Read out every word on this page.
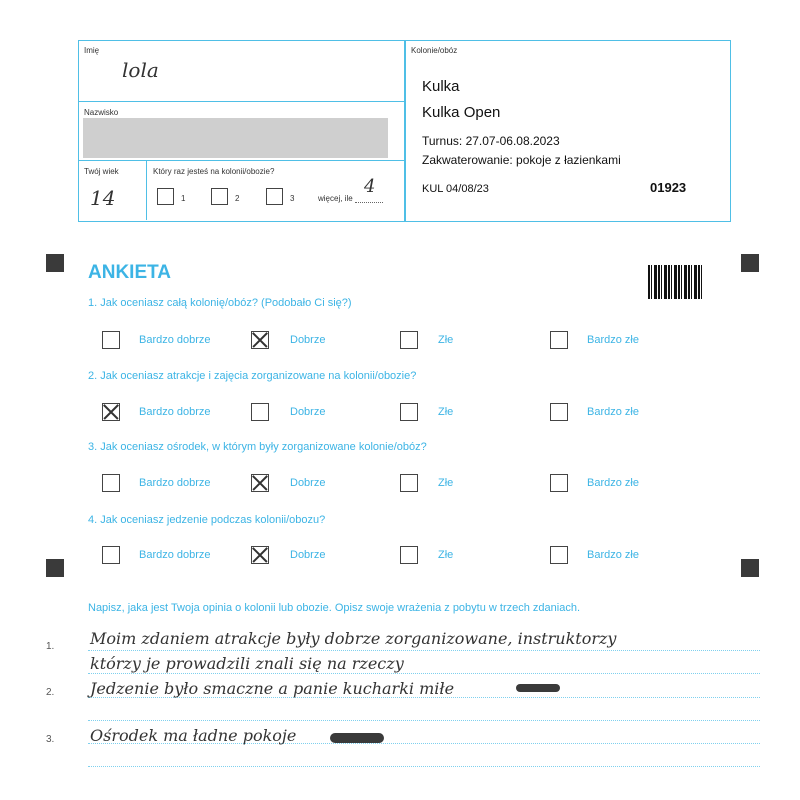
Imię
lola
Nazwisko
Twój wiek
14
Który raz jesteś na kolonii/obozie?
1	2	3	więcej, ile
4
Kolonie/obóz
Kulka
Kulka Open
Turnus: 27.07-06.08.2023
Zakwaterowanie: pokoje z łazienkami
KUL 04/08/23	01923
ANKIETA
1. Jak oceniasz całą kolonię/obóz? (Podobało Ci się?)
2. Jak oceniasz atrakcje i zajęcia zorganizowane na kolonii/obozie?
3. Jak oceniasz ośrodek, w którym były zorganizowane kolonie/obóz?
4. Jak oceniasz jedzenie podczas kolonii/obozu?
Bardzo dobrze	Dobrze	Złe	Bardzo złe
Bardzo dobrze	Dobrze	Złe	Bardzo złe
Bardzo dobrze	Dobrze	Złe	Bardzo złe
Bardzo dobrze	Dobrze	Złe	Bardzo złe
Napisz, jaka jest Twoja opinia o kolonii lub obozie. Opisz swoje wrażenia z pobytu w trzech zdaniach.
1.
2.
3.
Moim zdaniem atrakcje były dobrze zorganizowane, instruktorzy
którzy je prowadzili znali się na rzeczy
Jedzenie było smaczne a panie kucharki miłe
Ośrodek ma ładne pokoje
